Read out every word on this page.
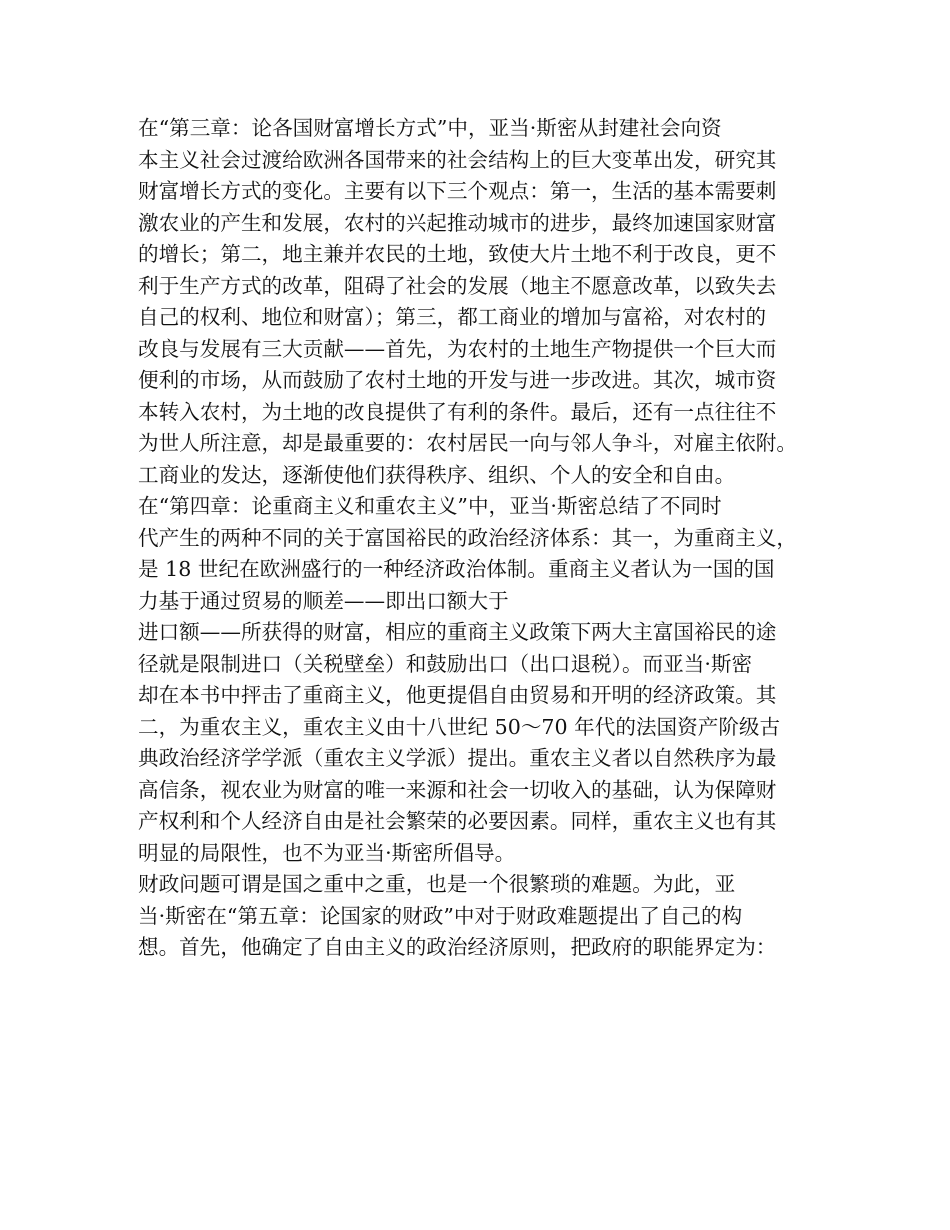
在“第三章：论各国财富增长方式”中，亚当·斯密从封建社会向资
本主义社会过渡给欧洲各国带来的社会结构上的巨大变革出发，研究其
财富增长方式的变化。主要有以下三个观点：第一，生活的基本需要刺
激农业的产生和发展，农村的兴起推动城市的进步，最终加速国家财富
的增长；第二，地主兼并农民的土地，致使大片土地不利于改良，更不
利于生产方式的改革，阻碍了社会的发展（地主不愿意改革，以致失去
自己的权利、地位和财富）；第三，都工商业的增加与富裕，对农村的
改良与发展有三大贡献——首先，为农村的土地生产物提供一个巨大而
便利的市场，从而鼓励了农村土地的开发与进一步改进。其次，城市资
本转入农村，为土地的改良提供了有利的条件。最后，还有一点往往不
为世人所注意，却是最重要的：农村居民一向与邻人争斗，对雇主依附。
工商业的发达，逐渐使他们获得秩序、组织、个人的安全和自由。
在“第四章：论重商主义和重农主义”中，亚当·斯密总结了不同时
代产生的两种不同的关于富国裕民的政治经济体系：其一，为重商主义，
是 18 世纪在欧洲盛行的一种经济政治体制。重商主义者认为一国的国
力基于通过贸易的顺差——即出口额大于
进口额——所获得的财富，相应的重商主义政策下两大主富国裕民的途
径就是限制进口（关税壁垒）和鼓励出口（出口退税）。而亚当·斯密
却在本书中抨击了重商主义，他更提倡自由贸易和开明的经济政策。其
二，为重农主义，重农主义由十八世纪 50～70 年代的法国资产阶级古
典政治经济学学派（重农主义学派）提出。重农主义者以自然秩序为最
高信条，视农业为财富的唯一来源和社会一切收入的基础，认为保障财
产权利和个人经济自由是社会繁荣的必要因素。同样，重农主义也有其
明显的局限性，也不为亚当·斯密所倡导。
财政问题可谓是国之重中之重，也是一个很繁琐的难题。为此，亚
当·斯密在“第五章：论国家的财政”中对于财政难题提出了自己的构
想。首先，他确定了自由主义的政治经济原则，把政府的职能界定为：
